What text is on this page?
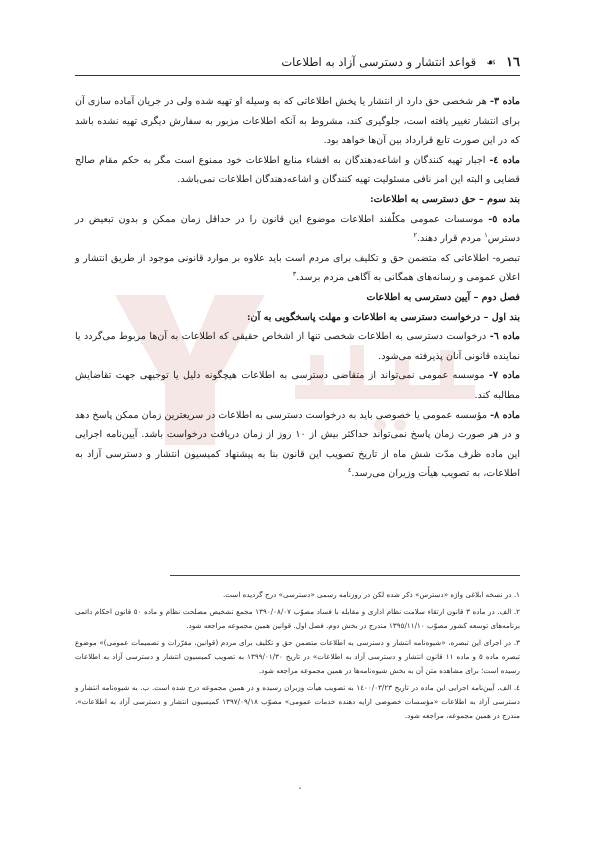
١٦
☙
قواعد انتشار و دسترسی آزاد به اطلاعات

ماده ٣- هر شخصی حق دارد از انتشار یا پخش اطلاعاتی که به وسیله او تهیه شده ولی در جریان آماده سازی آن برای انتشار تغییر یافته است، جلوگیری کند، مشروط به آنکه اطلاعات مزبور به سفارش دیگری تهیه نشده باشد که در این صورت تابع قرارداد بین آن‌ها خواهد بود.

ماده ٤- اجبار تهیه کنندگان و اشاعه‌دهندگان به افشاء منابع اطلاعات خود ممنوع است مگر به حکم مقام صالح قضایی و البته این امر نافی مسئولیت تهیه کنندگان و اشاعه‌دهندگان اطلاعات نمی‌باشد.

بند سوم – حق دسترسی به اطلاعات:

ماده ٥- موسسات عمومی مکلّفند اطلاعات موضوع این قانون را در حداقل زمان ممکن و بدون تبعیض در دسترس$^١$ مردم قرار دهند.$^٢$

تبصره- اطلاعاتی که متضمن حق و تکلیف برای مردم است باید علاوه بر موارد قانونی موجود از طریق انتشار و اعلان عمومی و رسانه‌های همگانی به آگاهی مردم برسد.$^٣$

فصل دوم – آیین دسترسی به اطلاعات

بند اول – درخواست دسترسی به اطلاعات و مهلت پاسخگویی به آن:

ماده ٦- درخواست دسترسی به اطلاعات شخصی تنها از اشخاص حقیقی که اطلاعات به آن‌ها مربوط می‌گردد یا نماینده قانونی آنان پذیرفته می‌شود.

ماده ٧- موسسه عمومی نمی‌تواند از متقاضی دسترسی به اطلاعات هیچگونه دلیل یا توجیهی جهت تقاضایش مطالبه کند.

ماده ٨- مؤسسه عمومی یا خصوصی باید به درخواست دسترسی به اطلاعات در سریعترین زمان ممکن پاسخ دهد و در هر صورت زمان پاسخ نمی‌تواند حداکثر بیش از ١٠ روز از زمان دریافت درخواست باشد. آیین‌نامه اجرایی این ماده ظرف مدّت شش ماه از تاریخ تصویب این قانون بنا به پیشنهاد کمیسیون انتشار و دسترسی آزاد به اطلاعات، به تصویب هیأت وزیران می‌رسد.$^٤$

١. در نسخه ابلاغی واژه «دسترس» ذکر شده لکن در روزنامه رسمی «دسترسی» درج گردیده است.

٢. الف. در ماده ٣ قانون ارتقاء سلامت نظام اداری و مقابله با فساد مصوّب ١٣٩٠/٠٨/٠٧ مجمع تشخیص مصلحت نظام و ماده ٥٠ قانون احکام دائمی برنامه‌های توسعه کشور مصوّب ١٣٩٥/١١/١٠ مندرج در بخش دوم. فصل اول. قوانین همین مجموعه مراجعه شود.

٣. در اجرای این تبصره، «شیوه‌نامه انتشار و دسترسی به اطلاعات متضمن حق و تکلیف برای مردم (قوانین، مقرّرات و تصمیمات عمومی)» موضوع تبصره ماده ٥ و ماده ١١ قانون انتشار و دسترسی آزاد به اطلاعات» در تاریخ ١٣٩٩/٠١/٣٠ به تصویب کمیسیون انتشار و دسترسی آزاد به اطلاعات رسیده است؛ برای مشاهده متن آن به بخش شیوه‌نامه‌ها در همین مجموعه مراجعه شود.

٤. الف. آیین‌نامه اجرایی این ماده در تاریخ ١٤٠٠/٠٣/٢٣ به تصویب هیأت وزیران رسیده و در همین مجموعه درج شده است. ب. به شیوه‌نامه انتشار و دسترسی آزاد به اطلاعات «مؤسسات خصوصی ارایه دهنده خدمات عمومی» مصوّب ١٣٩٧/٠٩/١٨ کمیسیون انتشار و دسترسی آزاد به اطلاعات»، مندرج در همین مجموعه، مراجعه شود.

٠
